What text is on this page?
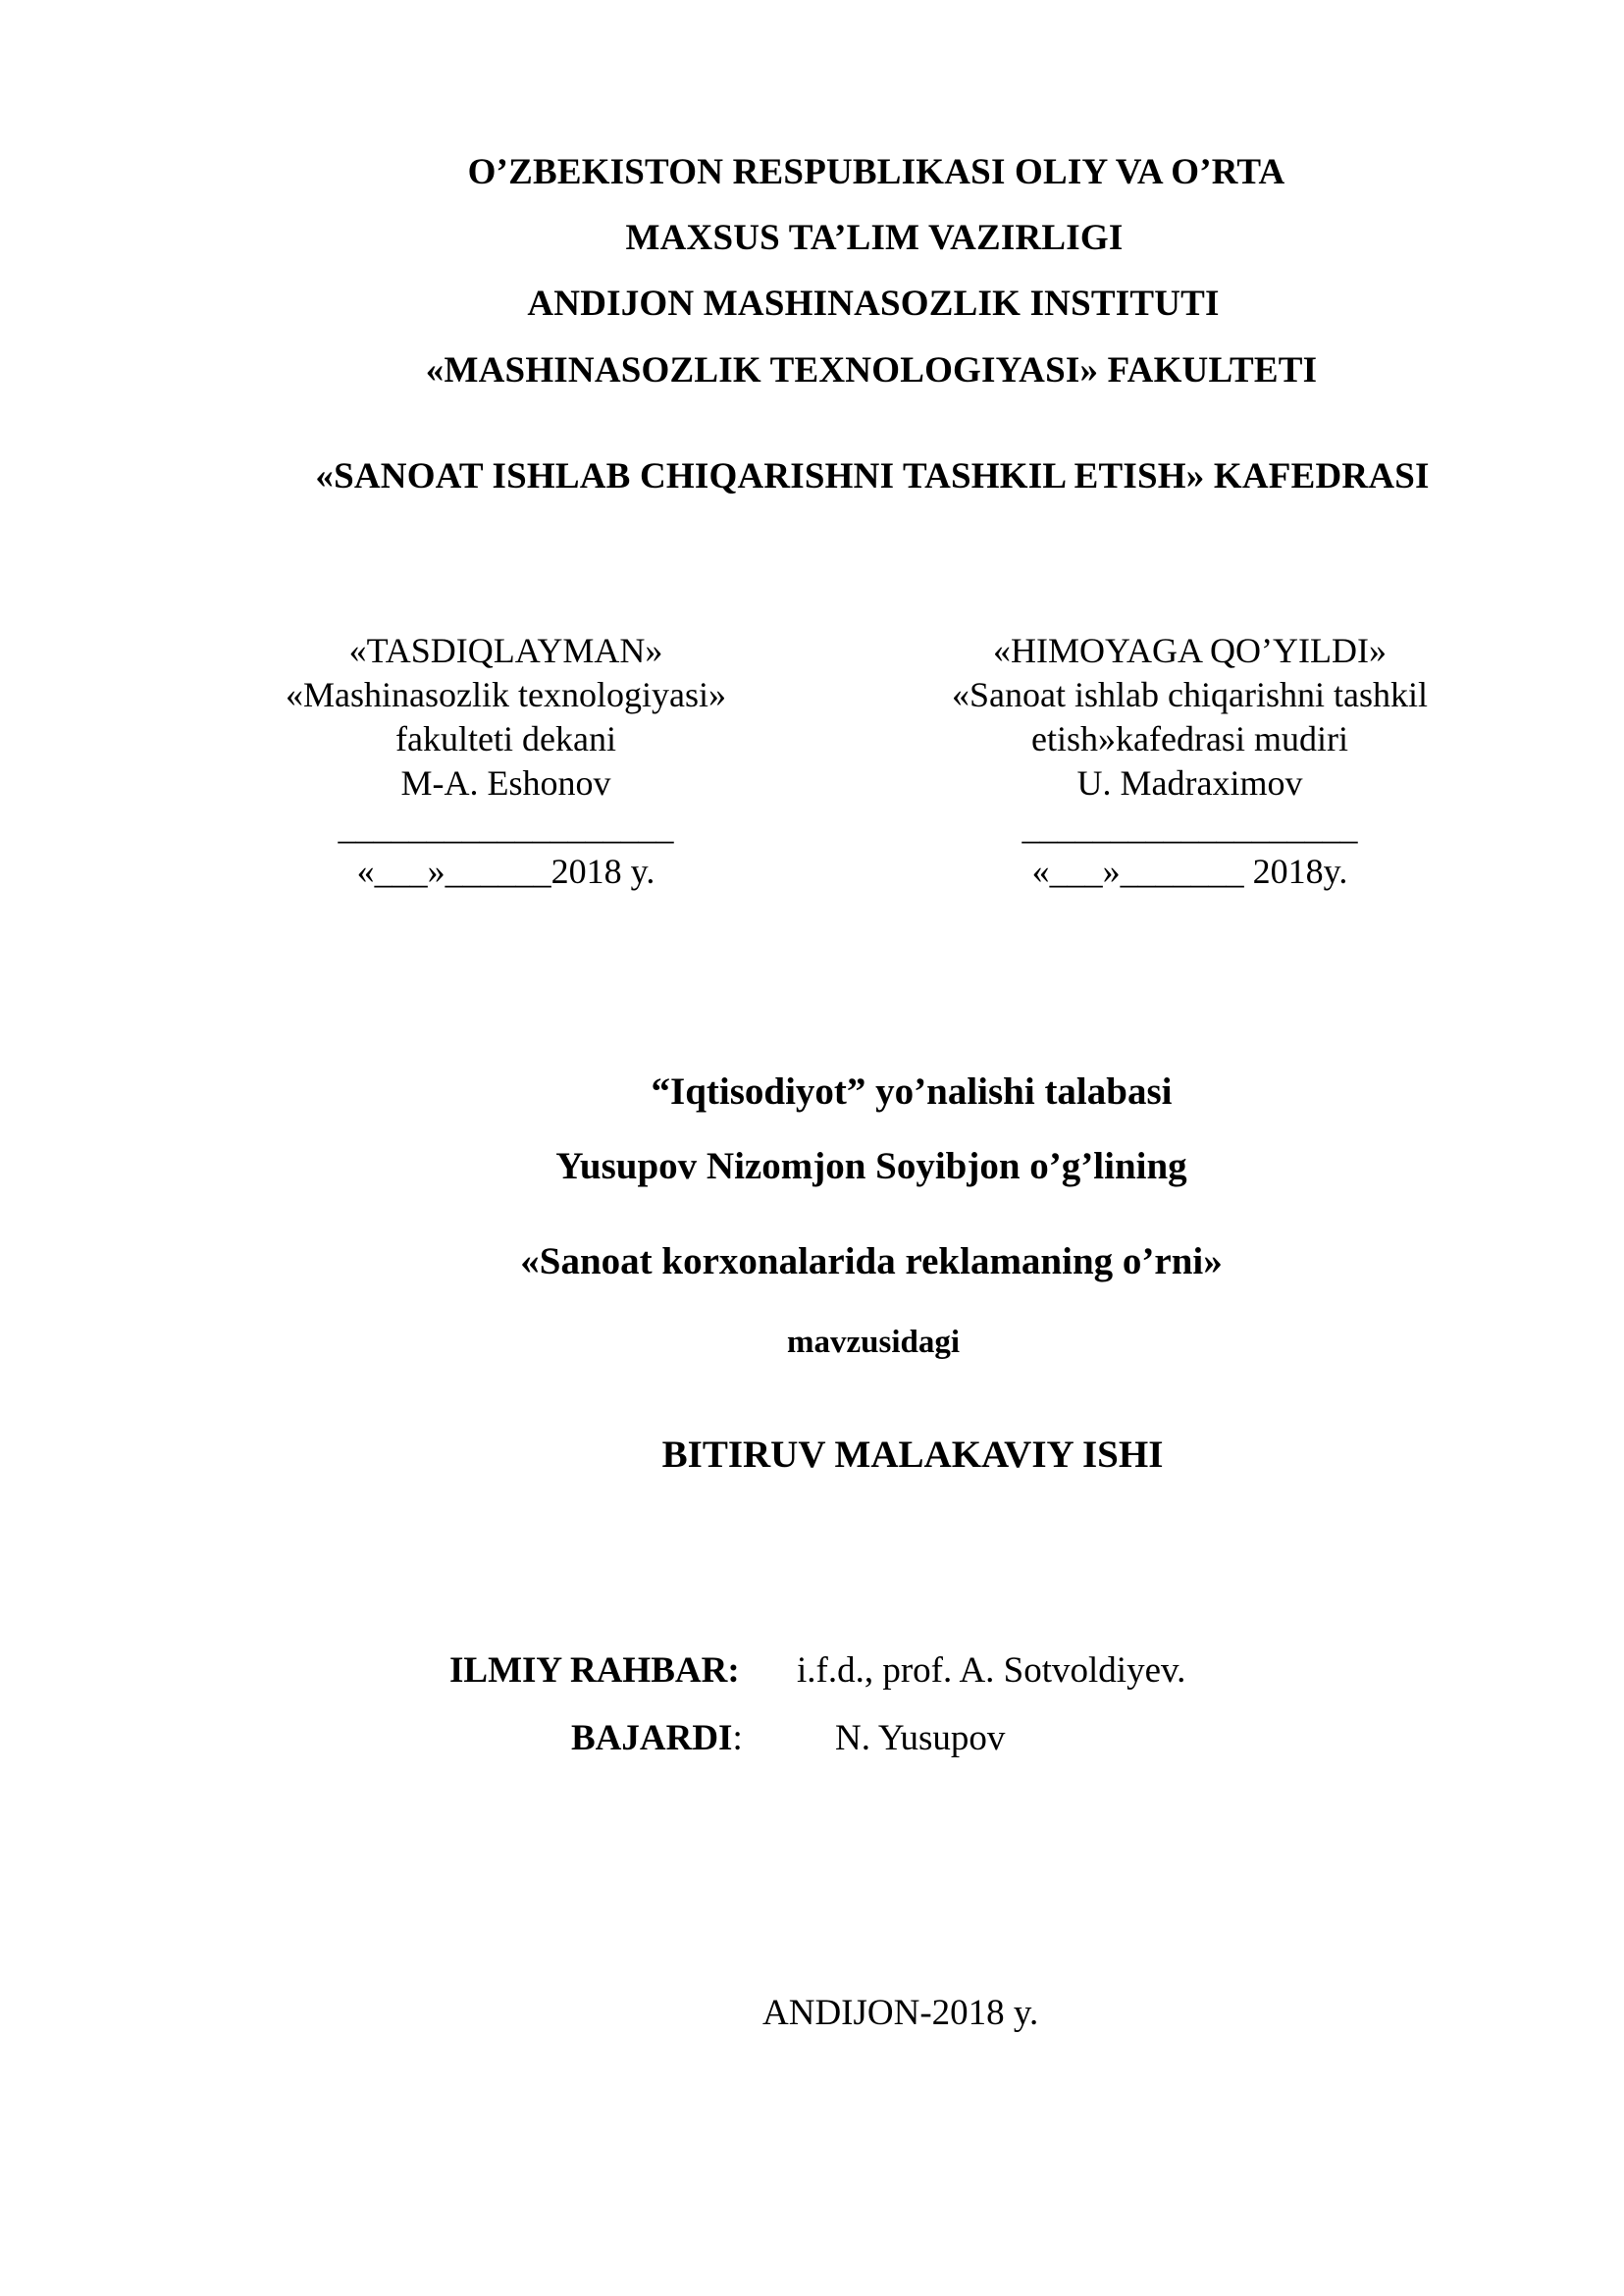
O’ZBEKISTON RESPUBLIKASI OLIY VA O’RTA
MAXSUS TA’LIM VAZIRLIGI
ANDIJON MASHINASOZLIK INSTITUTI
«MASHINASOZLIK TEXNOLOGIYASI» FAKULTETI
«SANOAT ISHLAB CHIQARISHNI TASHKIL ETISH» KAFEDRASI
«TASDIQLAYMAN»
«Mashinasozlik texnologiyasi»
fakulteti dekani
M-A. Eshonov
___________________
«___»______2018 y.
«HIMOYAGA QO’YILDI»
«Sanoat ishlab chiqarishni tashkil
etish»kafedrasi mudiri
U. Madraximov
___________________
«___»_______ 2018y.
“Iqtisodiyot” yo’nalishi talabasi
Yusupov Nizomjon Soyibjon o’g’lining
«Sanoat korxonalarida reklamaning o’rni»
mavzusidagi
BITIRUV MALAKAVIY ISHI
ILMIY RAHBAR: i.f.d., prof. A. Sotvoldiyev.
BAJARDI:	N. Yusupov
ANDIJON-2018 y.
